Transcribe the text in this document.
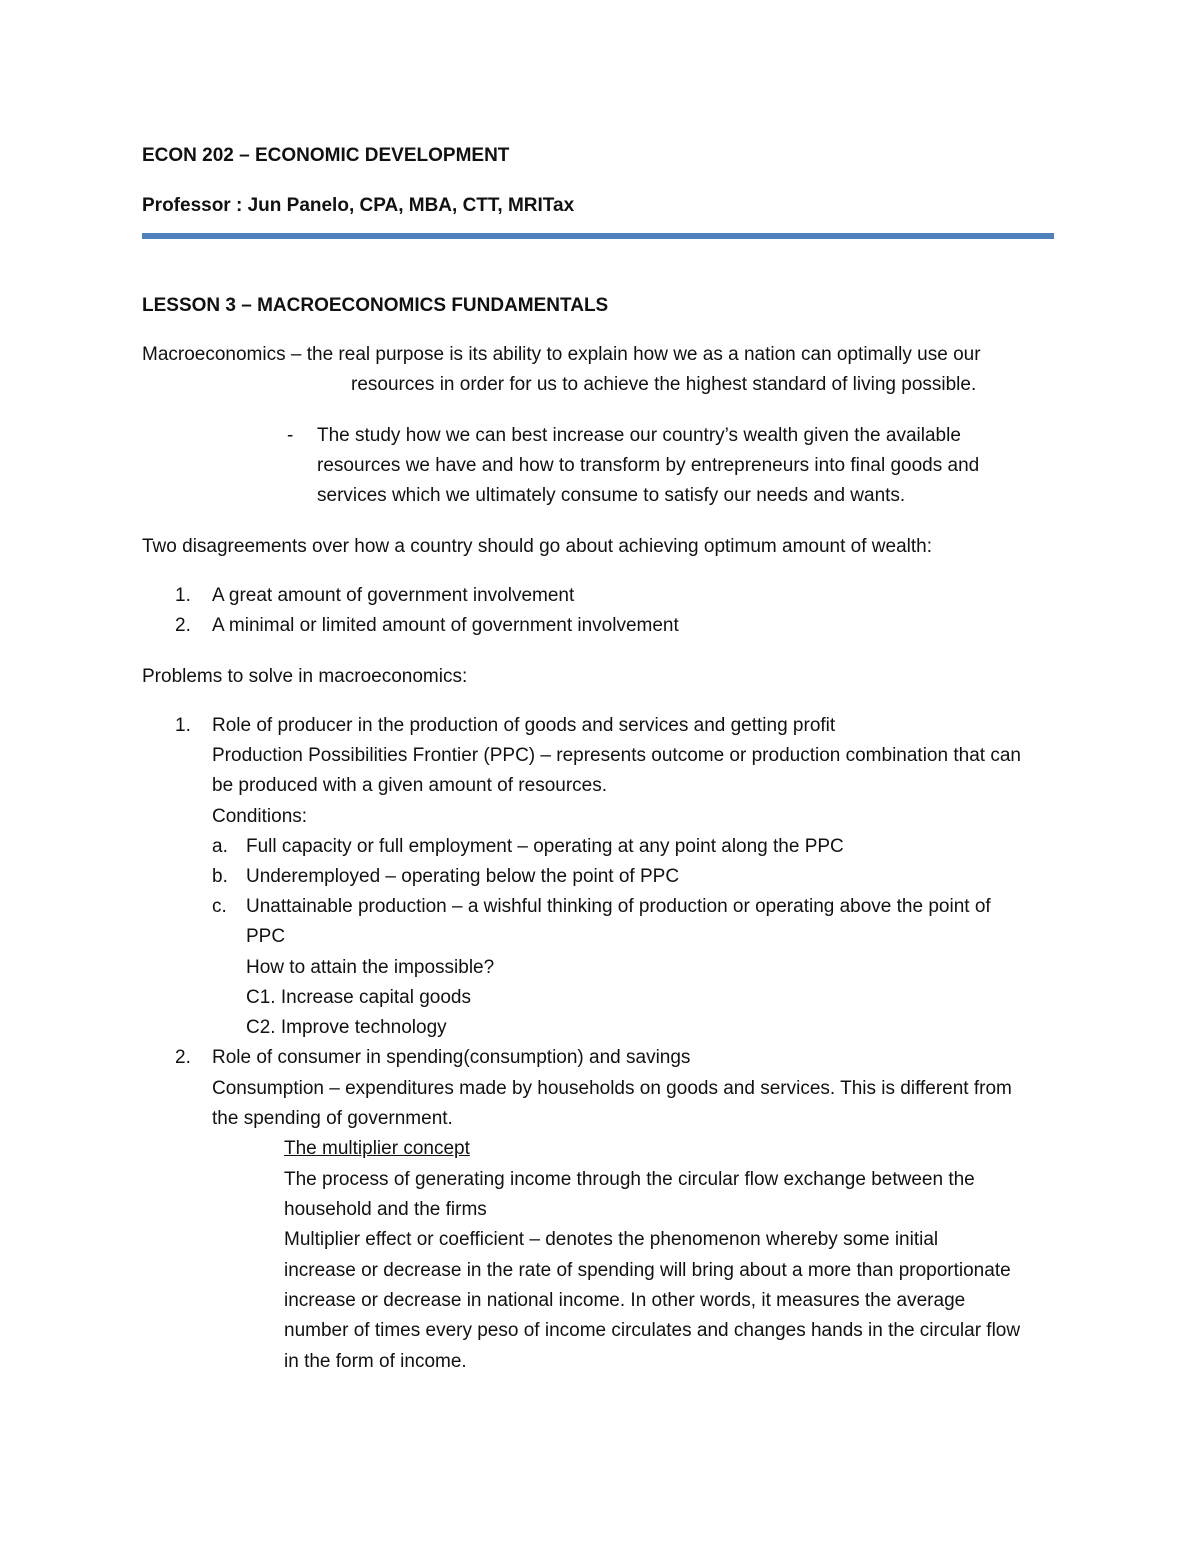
ECON 202 – ECONOMIC DEVELOPMENT
Professor : Jun Panelo, CPA, MBA, CTT, MRITax
LESSON 3 – MACROECONOMICS FUNDAMENTALS
Macroeconomics – the real purpose is its ability to explain how we as a nation can optimally use our
resources in order for us to achieve the highest standard of living possible.
- The study how we can best increase our country’s wealth given the available
resources we have and how to transform by entrepreneurs into final goods and
services which we ultimately consume to satisfy our needs and wants.
Two disagreements over how a country should go about achieving optimum amount of wealth:
1. A great amount of government involvement
2. A minimal or limited amount of government involvement
Problems to solve in macroeconomics:
1. Role of producer in the production of goods and services and getting profit
Production Possibilities Frontier (PPC) – represents outcome or production combination that can
be produced with a given amount of resources.
Conditions:
a. Full capacity or full employment – operating at any point along the PPC
b. Underemployed – operating below the point of PPC
c. Unattainable production – a wishful thinking of production or operating above the point of
PPC
How to attain the impossible?
C1. Increase capital goods
C2. Improve technology
2. Role of consumer in spending(consumption) and savings
Consumption – expenditures made by households on goods and services. This is different from
the spending of government.
The multiplier concept
The process of generating income through the circular flow exchange between the
household and the firms
Multiplier effect or coefficient – denotes the phenomenon whereby some initial
increase or decrease in the rate of spending will bring about a more than proportionate
increase or decrease in national income. In other words, it measures the average
number of times every peso of income circulates and changes hands in the circular flow
in the form of income.
